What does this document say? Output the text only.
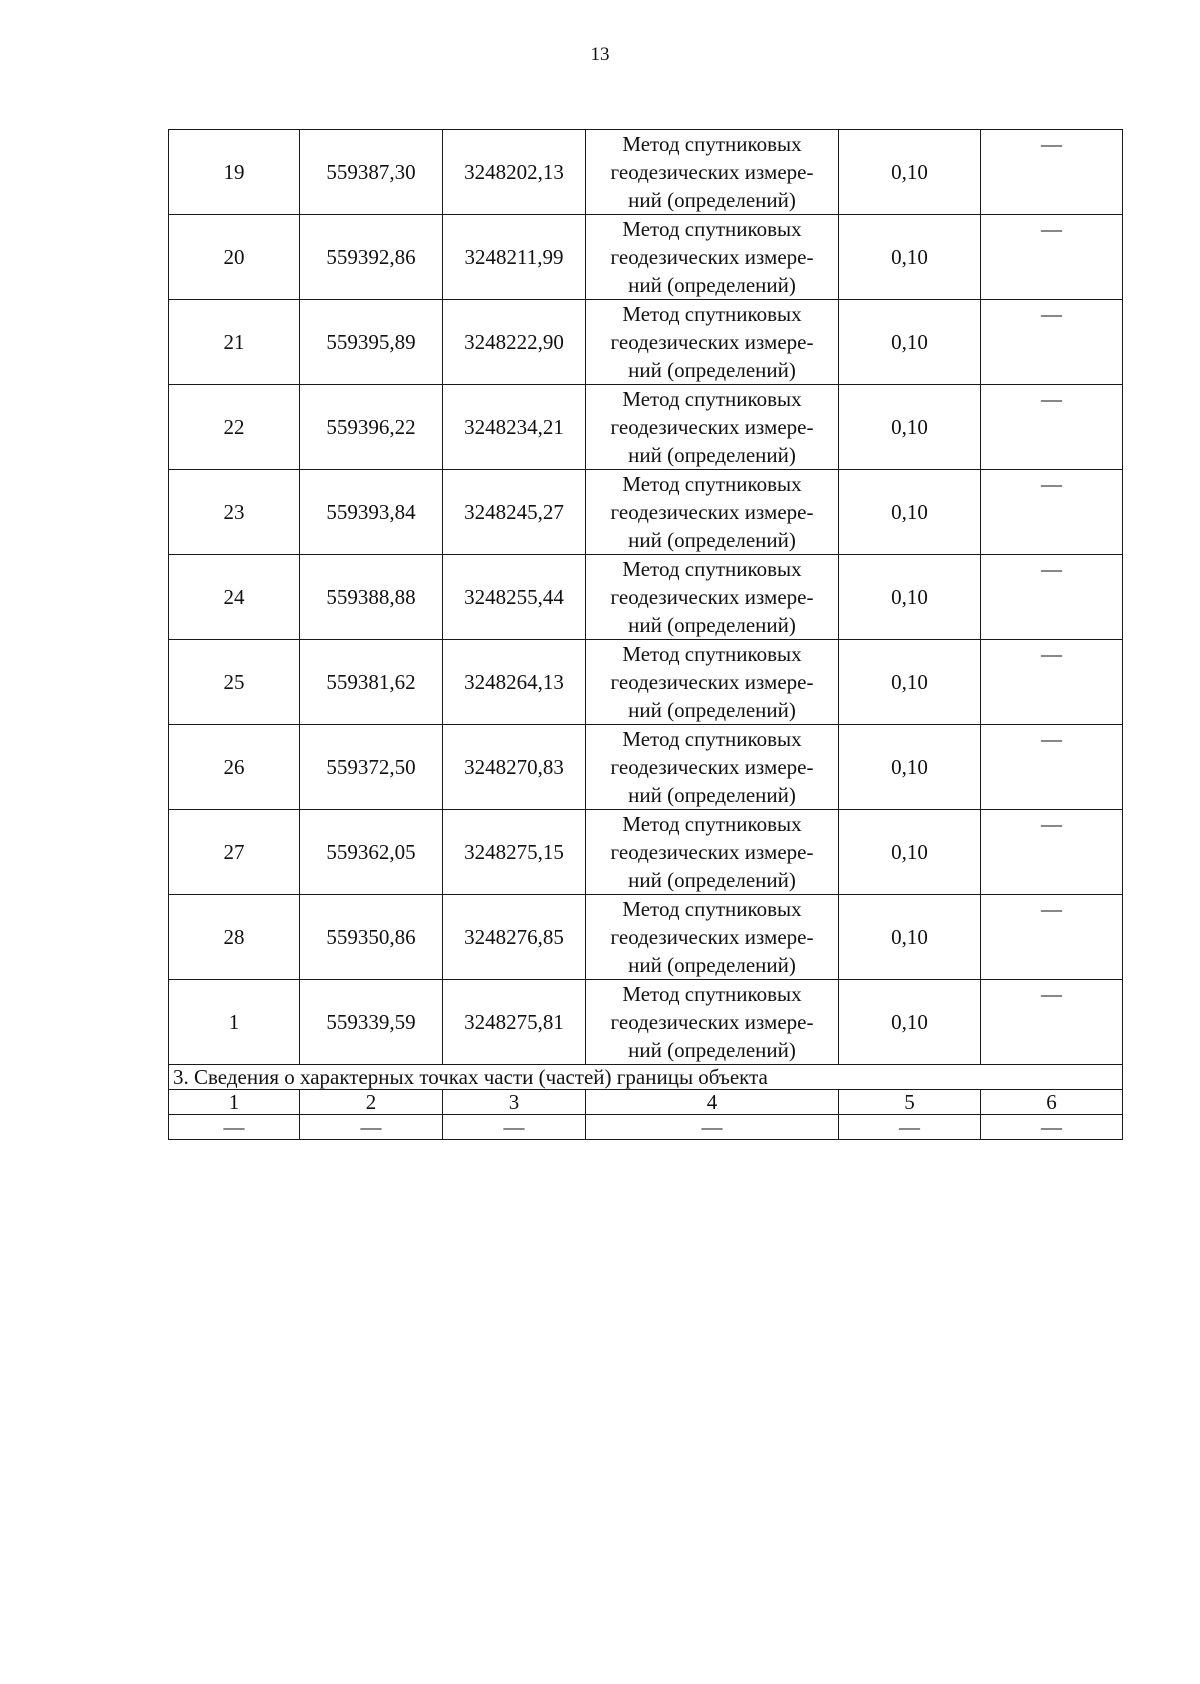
13
19	559387,30	3248202,13	Метод спутниковых
геодезических измере-
ний (определений)	0,10	—

20	559392,86	3248211,99	Метод спутниковых
геодезических измере-
ний (определений)	0,10	—

21	559395,89	3248222,90	Метод спутниковых
геодезических измере-
ний (определений)	0,10	—

22	559396,22	3248234,21	Метод спутниковых
геодезических измере-
ний (определений)	0,10	—

23	559393,84	3248245,27	Метод спутниковых
геодезических измере-
ний (определений)	0,10	—

24	559388,88	3248255,44	Метод спутниковых
геодезических измере-
ний (определений)	0,10	—

25	559381,62	3248264,13	Метод спутниковых
геодезических измере-
ний (определений)	0,10	—

26	559372,50	3248270,83	Метод спутниковых
геодезических измере-
ний (определений)	0,10	—

27	559362,05	3248275,15	Метод спутниковых
геодезических измере-
ний (определений)	0,10	—

28	559350,86	3248276,85	Метод спутниковых
геодезических измере-
ний (определений)	0,10	—

1	559339,59	3248275,81	Метод спутниковых
геодезических измере-
ний (определений)	0,10	—

3. Сведения о характерных точках части (частей) границы объекта					
1	2	3	4	5	6
—	—	—	—	—	—
